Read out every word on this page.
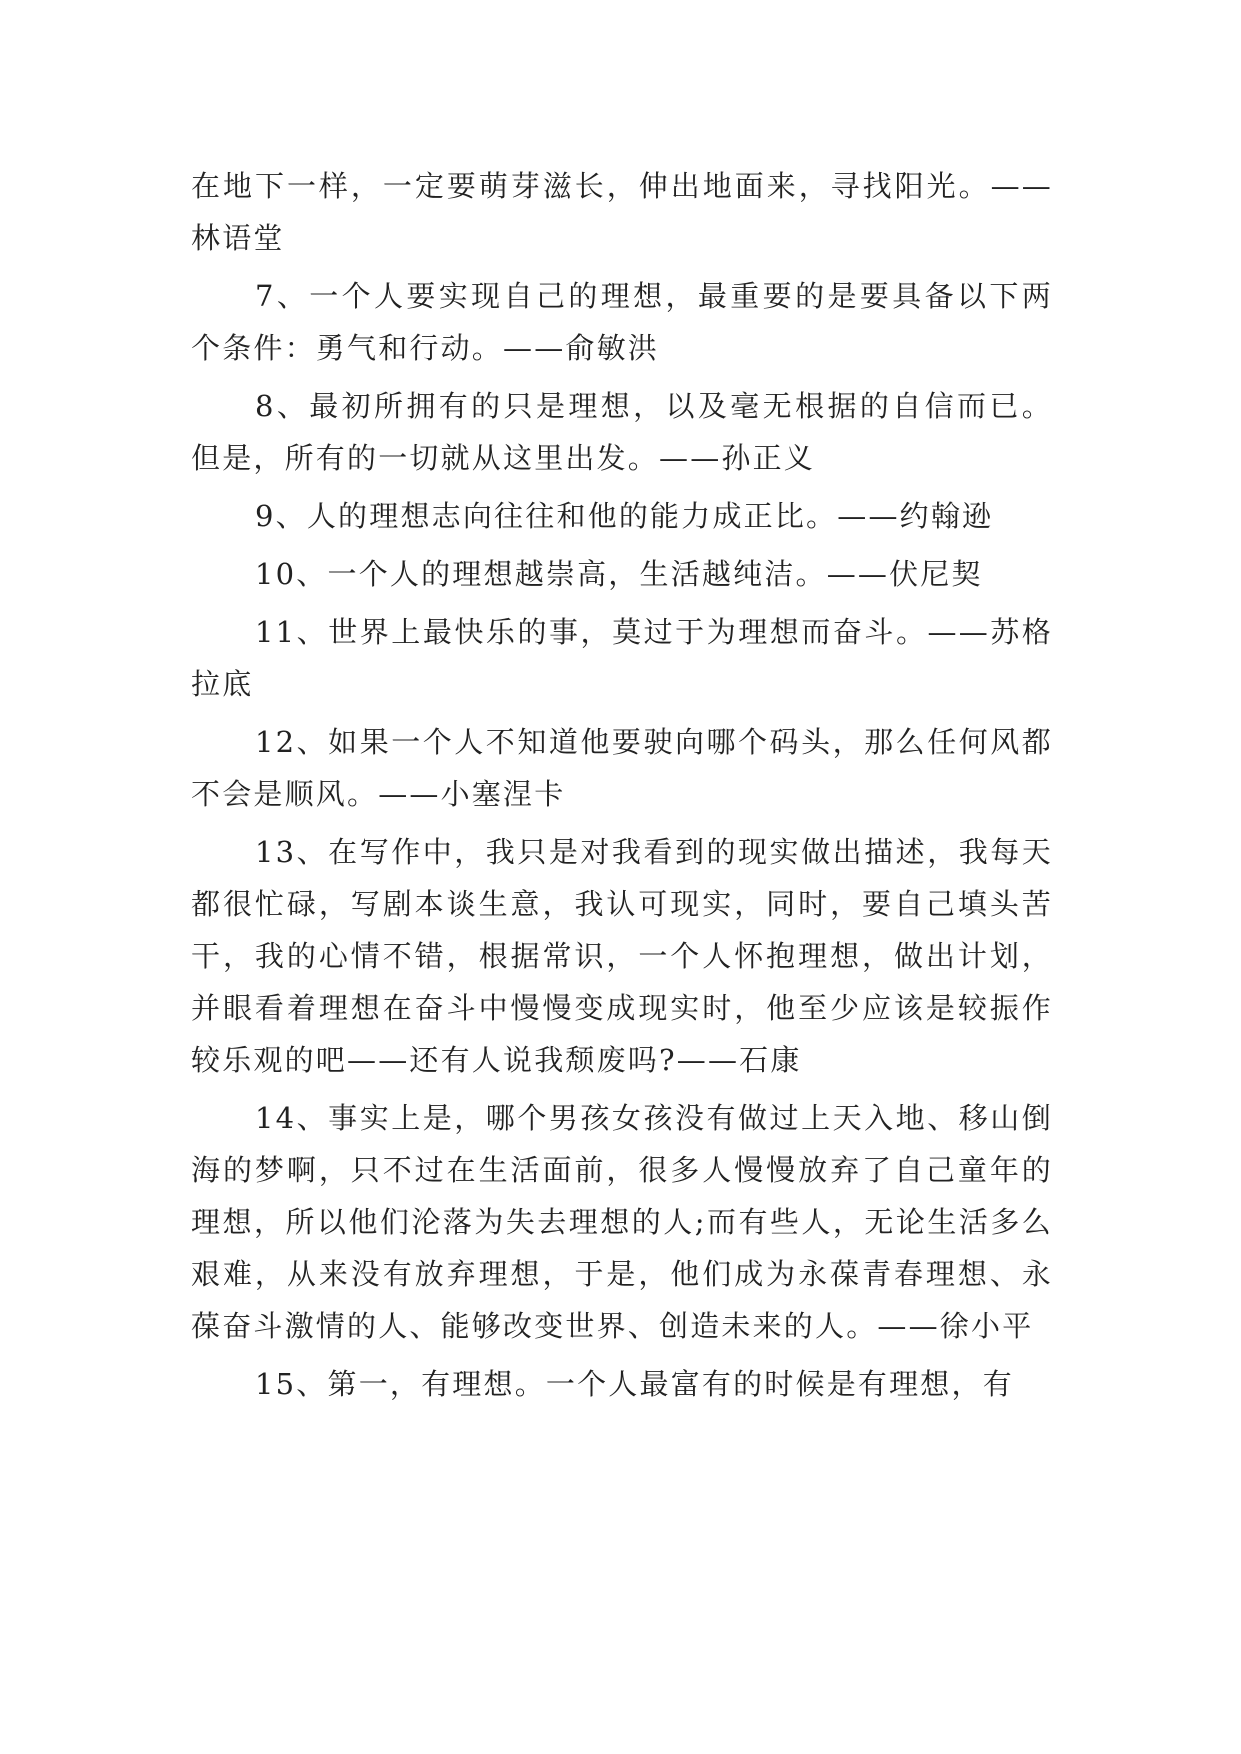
在地下一样，一定要萌芽滋长，伸出地面来，寻找阳光。——林语堂

7、一个人要实现自己的理想，最重要的是要具备以下两个条件：勇气和行动。——俞敏洪

8、最初所拥有的只是理想，以及毫无根据的自信而已。但是，所有的一切就从这里出发。——孙正义

9、人的理想志向往往和他的能力成正比。——约翰逊

10、一个人的理想越崇高，生活越纯洁。——伏尼契

11、世界上最快乐的事，莫过于为理想而奋斗。——苏格拉底

12、如果一个人不知道他要驶向哪个码头，那么任何风都不会是顺风。——小塞涅卡

13、在写作中，我只是对我看到的现实做出描述，我每天都很忙碌，写剧本谈生意，我认可现实，同时，要自己填头苦干，我的心情不错，根据常识，一个人怀抱理想，做出计划，并眼看着理想在奋斗中慢慢变成现实时，他至少应该是较振作较乐观的吧——还有人说我颓废吗?——石康

14、事实上是，哪个男孩女孩没有做过上天入地、移山倒海的梦啊，只不过在生活面前，很多人慢慢放弃了自己童年的理想，所以他们沦落为失去理想的人;而有些人，无论生活多么艰难，从来没有放弃理想，于是，他们成为永葆青春理想、永葆奋斗激情的人、能够改变世界、创造未来的人。——徐小平

15、第一，有理想。一个人最富有的时候是有理想，有
